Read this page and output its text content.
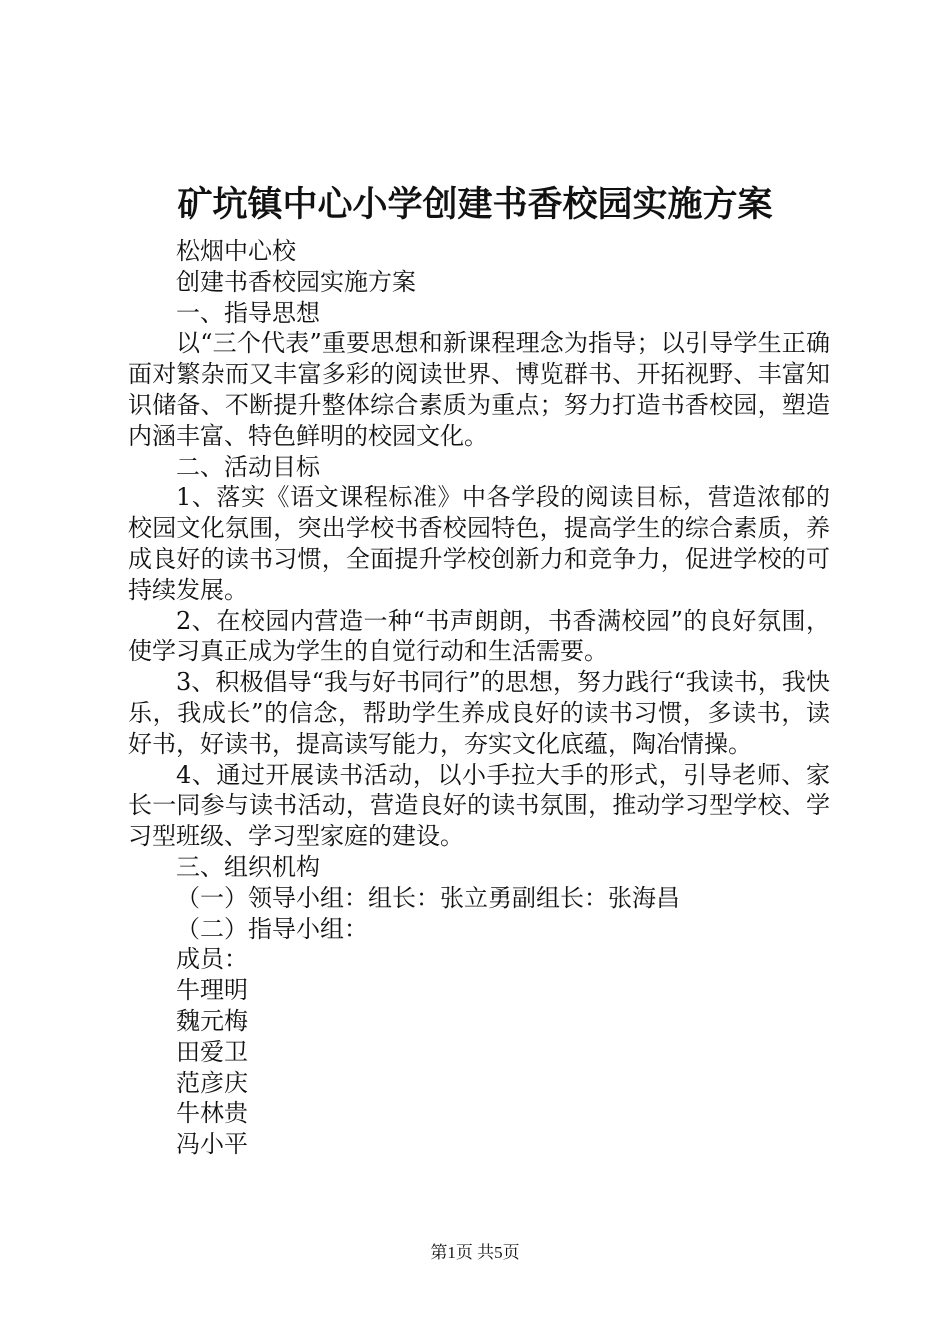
矿坑镇中心小学创建书香校园实施方案

松烟中心校

创建书香校园实施方案

一、指导思想

以“三个代表”重要思想和新课程理念为指导；以引导学生正确面对繁杂而又丰富多彩的阅读世界、博览群书、开拓视野、丰富知识储备、不断提升整体综合素质为重点；努力打造书香校园，塑造内涵丰富、特色鲜明的校园文化。

二、活动目标

1、落实《语文课程标准》中各学段的阅读目标，营造浓郁的校园文化氛围，突出学校书香校园特色，提高学生的综合素质，养成良好的读书习惯，全面提升学校创新力和竞争力，促进学校的可持续发展。

2、在校园内营造一种“书声朗朗，书香满校园”的良好氛围，使学习真正成为学生的自觉行动和生活需要。

3、积极倡导“我与好书同行”的思想，努力践行“我读书，我快乐，我成长”的信念，帮助学生养成良好的读书习惯，多读书，读好书，好读书，提高读写能力，夯实文化底蕴，陶冶情操。

4、通过开展读书活动，以小手拉大手的形式，引导老师、家长一同参与读书活动，营造良好的读书氛围，推动学习型学校、学习型班级、学习型家庭的建设。

三、组织机构

（一）领导小组：组长：张立勇副组长：张海昌

（二）指导小组：

成员：

牛理明

魏元梅

田爱卫

范彦庆

牛林贵

冯小平

第1页 共5页
